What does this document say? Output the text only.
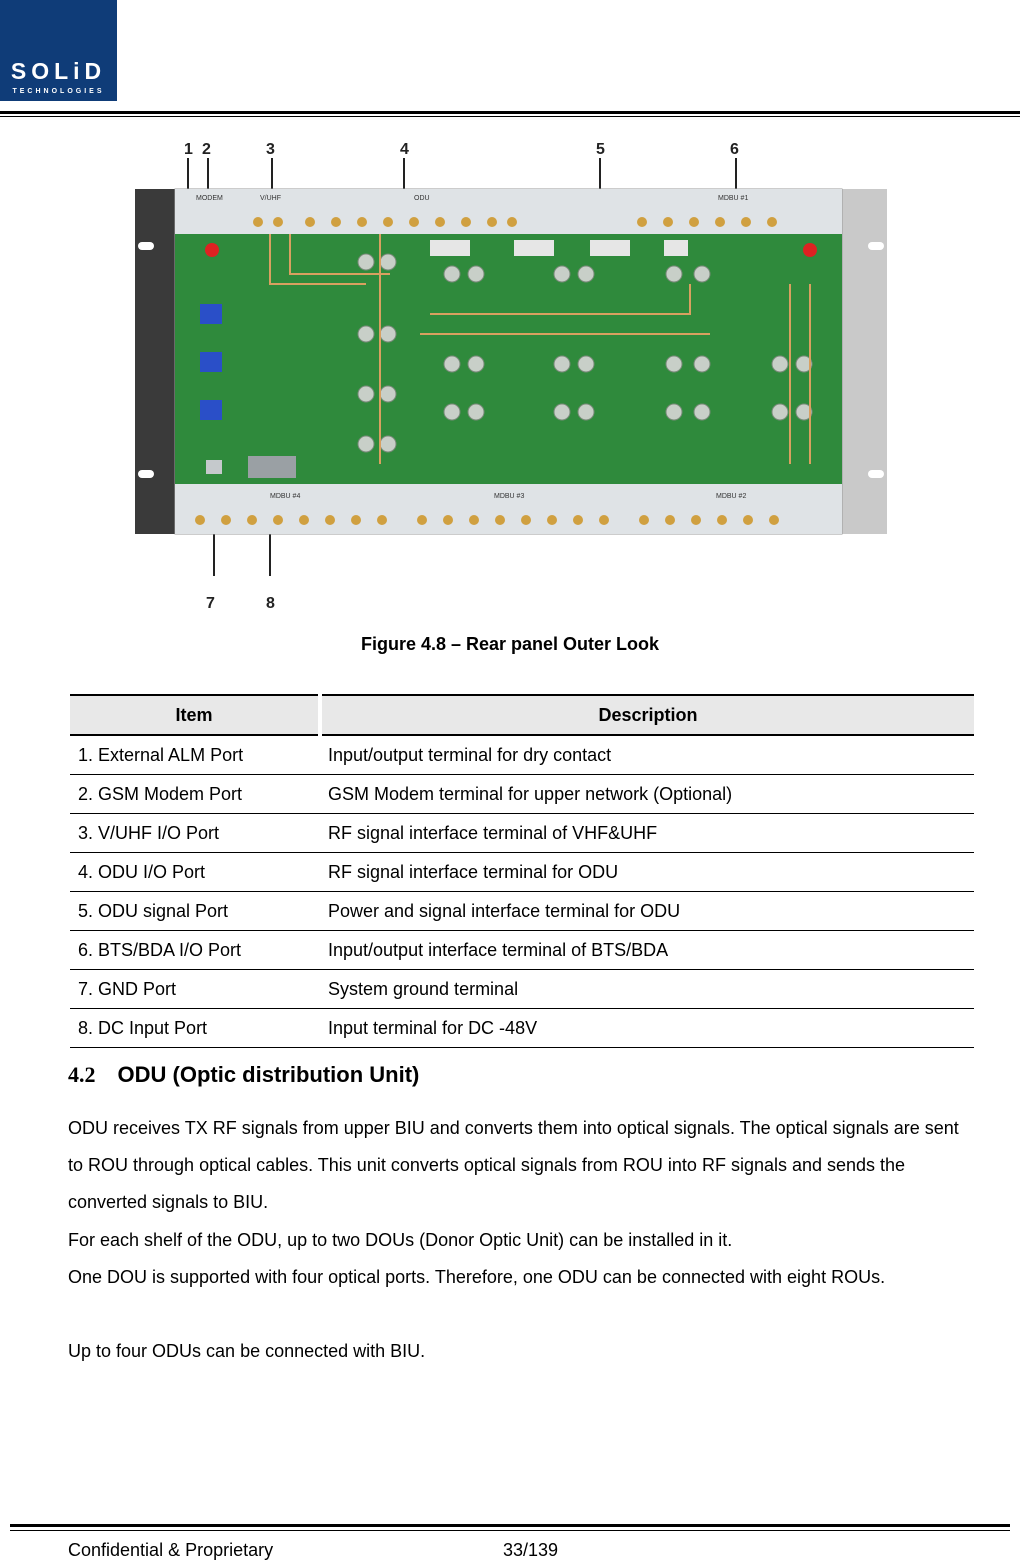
SOLiD
TECHNOLOGIES
1 2	3	4	5	6
7	8
MODEM	V/UHF	ODU	MDBU #1
MDBU #4	MDBU #3	MDBU #2
Figure 4.8 – Rear panel Outer Look
Item	Description
1. External ALM Port	Input/output terminal for dry contact
2. GSM Modem Port	GSM Modem terminal for upper network (Optional)
3. V/UHF I/O Port	RF signal interface terminal of VHF&UHF
4. ODU I/O Port	RF signal interface terminal for ODU
5. ODU signal Port	Power and signal interface terminal for ODU
6. BTS/BDA I/O Port	Input/output interface terminal of BTS/BDA
7. GND Port	System ground terminal
8. DC Input Port	Input terminal for DC -48V
4.2 ODU (Optic distribution Unit)
ODU receives TX RF signals from upper BIU and converts them into optical signals. The optical signals are sent to ROU through optical cables. This unit converts optical signals from ROU into RF signals and sends the converted signals to BIU.
For each shelf of the ODU, up to two DOUs (Donor Optic Unit) can be installed in it.
One DOU is supported with four optical ports. Therefore, one ODU can be connected with eight ROUs.
Up to four ODUs can be connected with BIU.
Confidential & Proprietary	33/139
